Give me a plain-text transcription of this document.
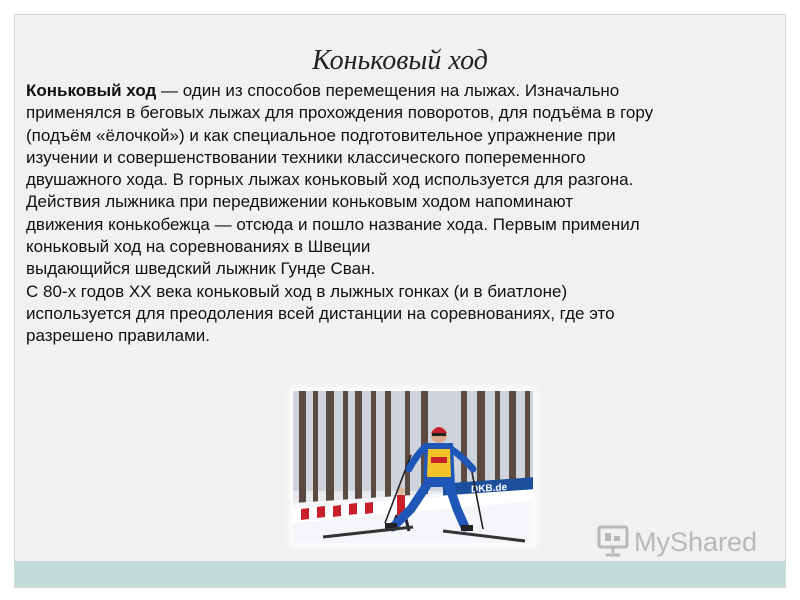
Коньковый ход

Коньковый ход — один из способов перемещения на лыжах. Изначально

применялся в беговых лыжах для прохождения поворотов, для подъёма в гору

(подъём «ёлочкой») и как специальное подготовительное упражнение при

изучении и совершенствовании техники классического попеременного

двушажного хода. В горных лыжах коньковый ход используется для разгона.

Действия лыжника при передвижении коньковым ходом напоминают

движения конькобежца — отсюда и пошло название хода. Первым применил

коньковый ход на соревнованиях в Швеции

выдающийся шведский лыжник Гунде Сван.

С 80-х годов XX века коньковый ход в лыжных гонках (и в биатлоне)

используется для преодоления всей дистанции на соревнованиях, где это

разрешено правилами.

DKB.de
MyShared
